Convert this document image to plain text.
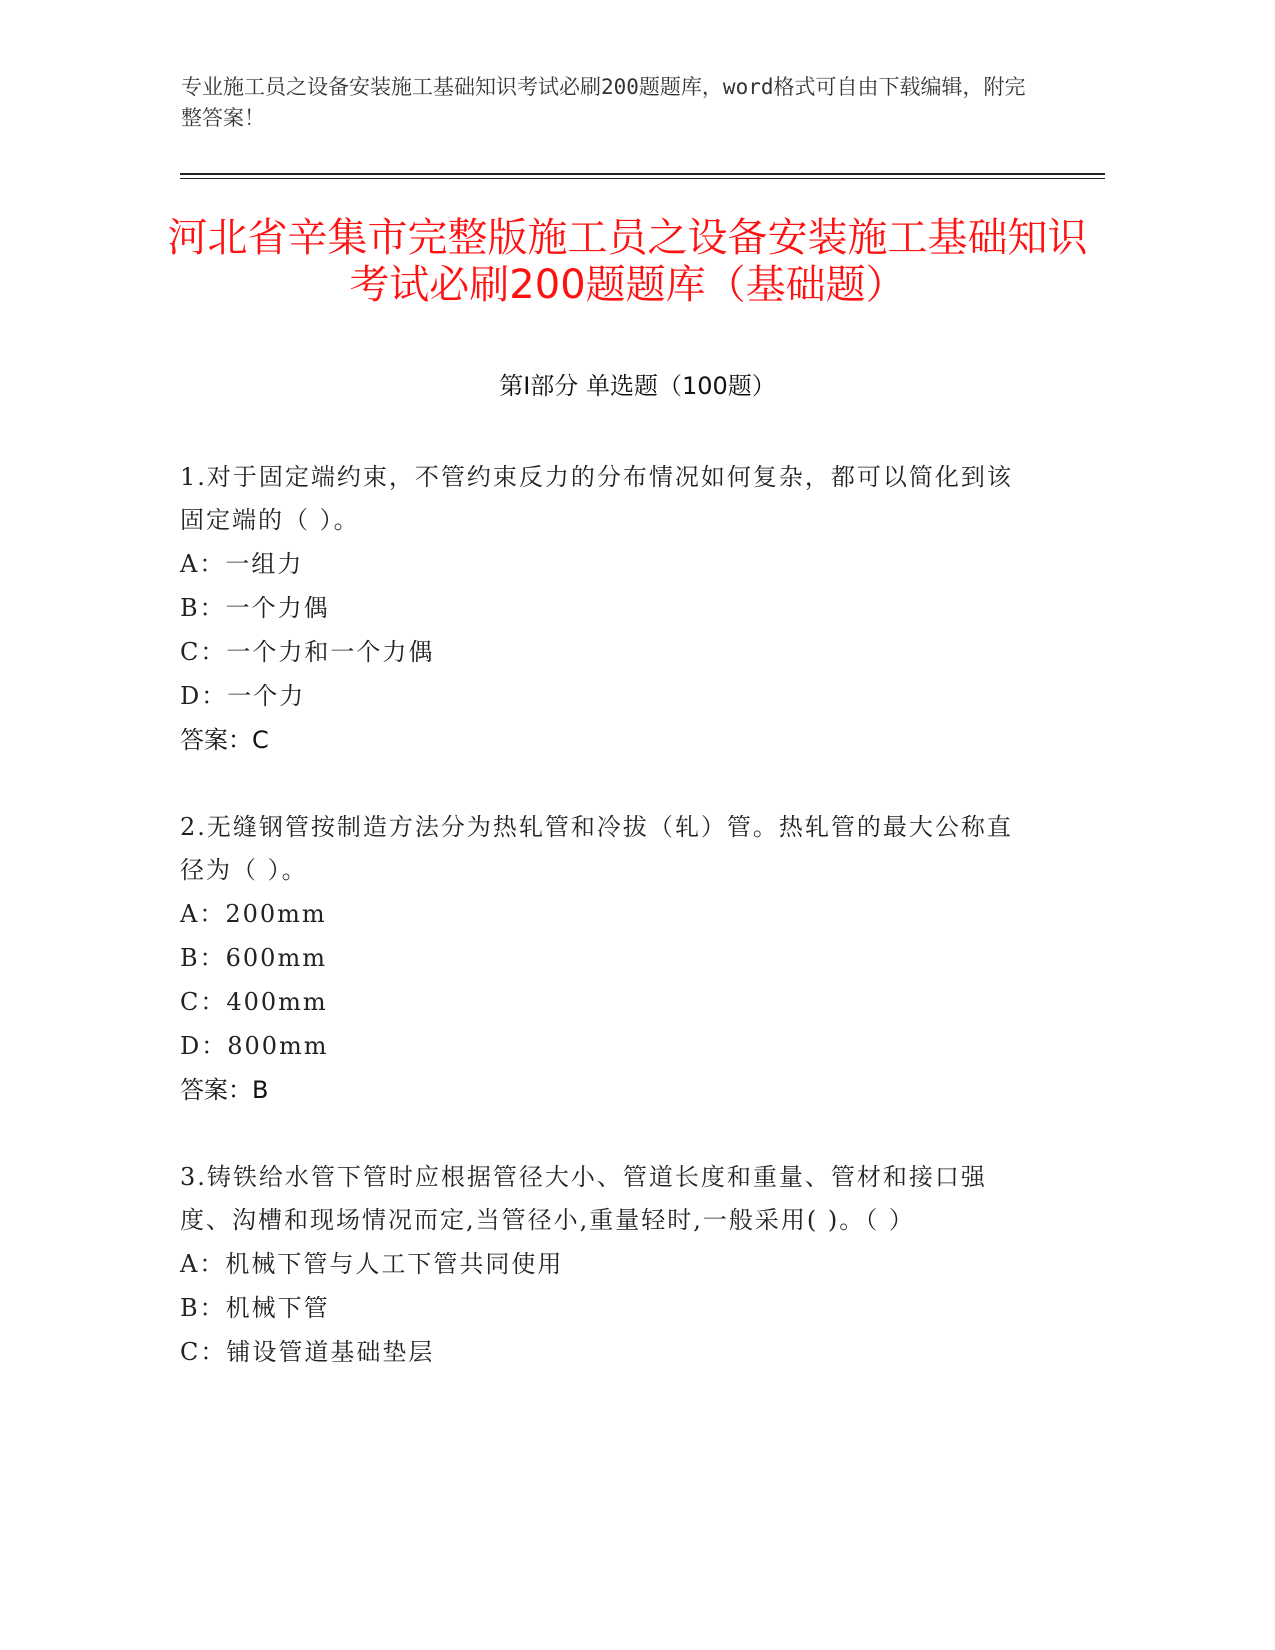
专业施工员之设备安装施工基础知识考试必刷200题题库，word格式可自由下载编辑，附完整答案！
河北省辛集市完整版施工员之设备安装施工基础知识考试必刷200题题库（基础题）
第Ⅰ部分 单选题（100题）
1.对于固定端约束，不管约束反力的分布情况如何复杂，都可以简化到该固定端的（ ）。
A：一组力
B：一个力偶
C：一个力和一个力偶
D：一个力
答案：C
2.无缝钢管按制造方法分为热轧管和冷拔（轧）管。热轧管的最大公称直径为（ ）。
A：200mm
B：600mm
C：400mm
D：800mm
答案：B
3.铸铁给水管下管时应根据管径大小、管道长度和重量、管材和接口强度、沟槽和现场情况而定,当管径小,重量轻时,一般采用( )。（ ）
A：机械下管与人工下管共同使用
B：机械下管
C：铺设管道基础垫层
